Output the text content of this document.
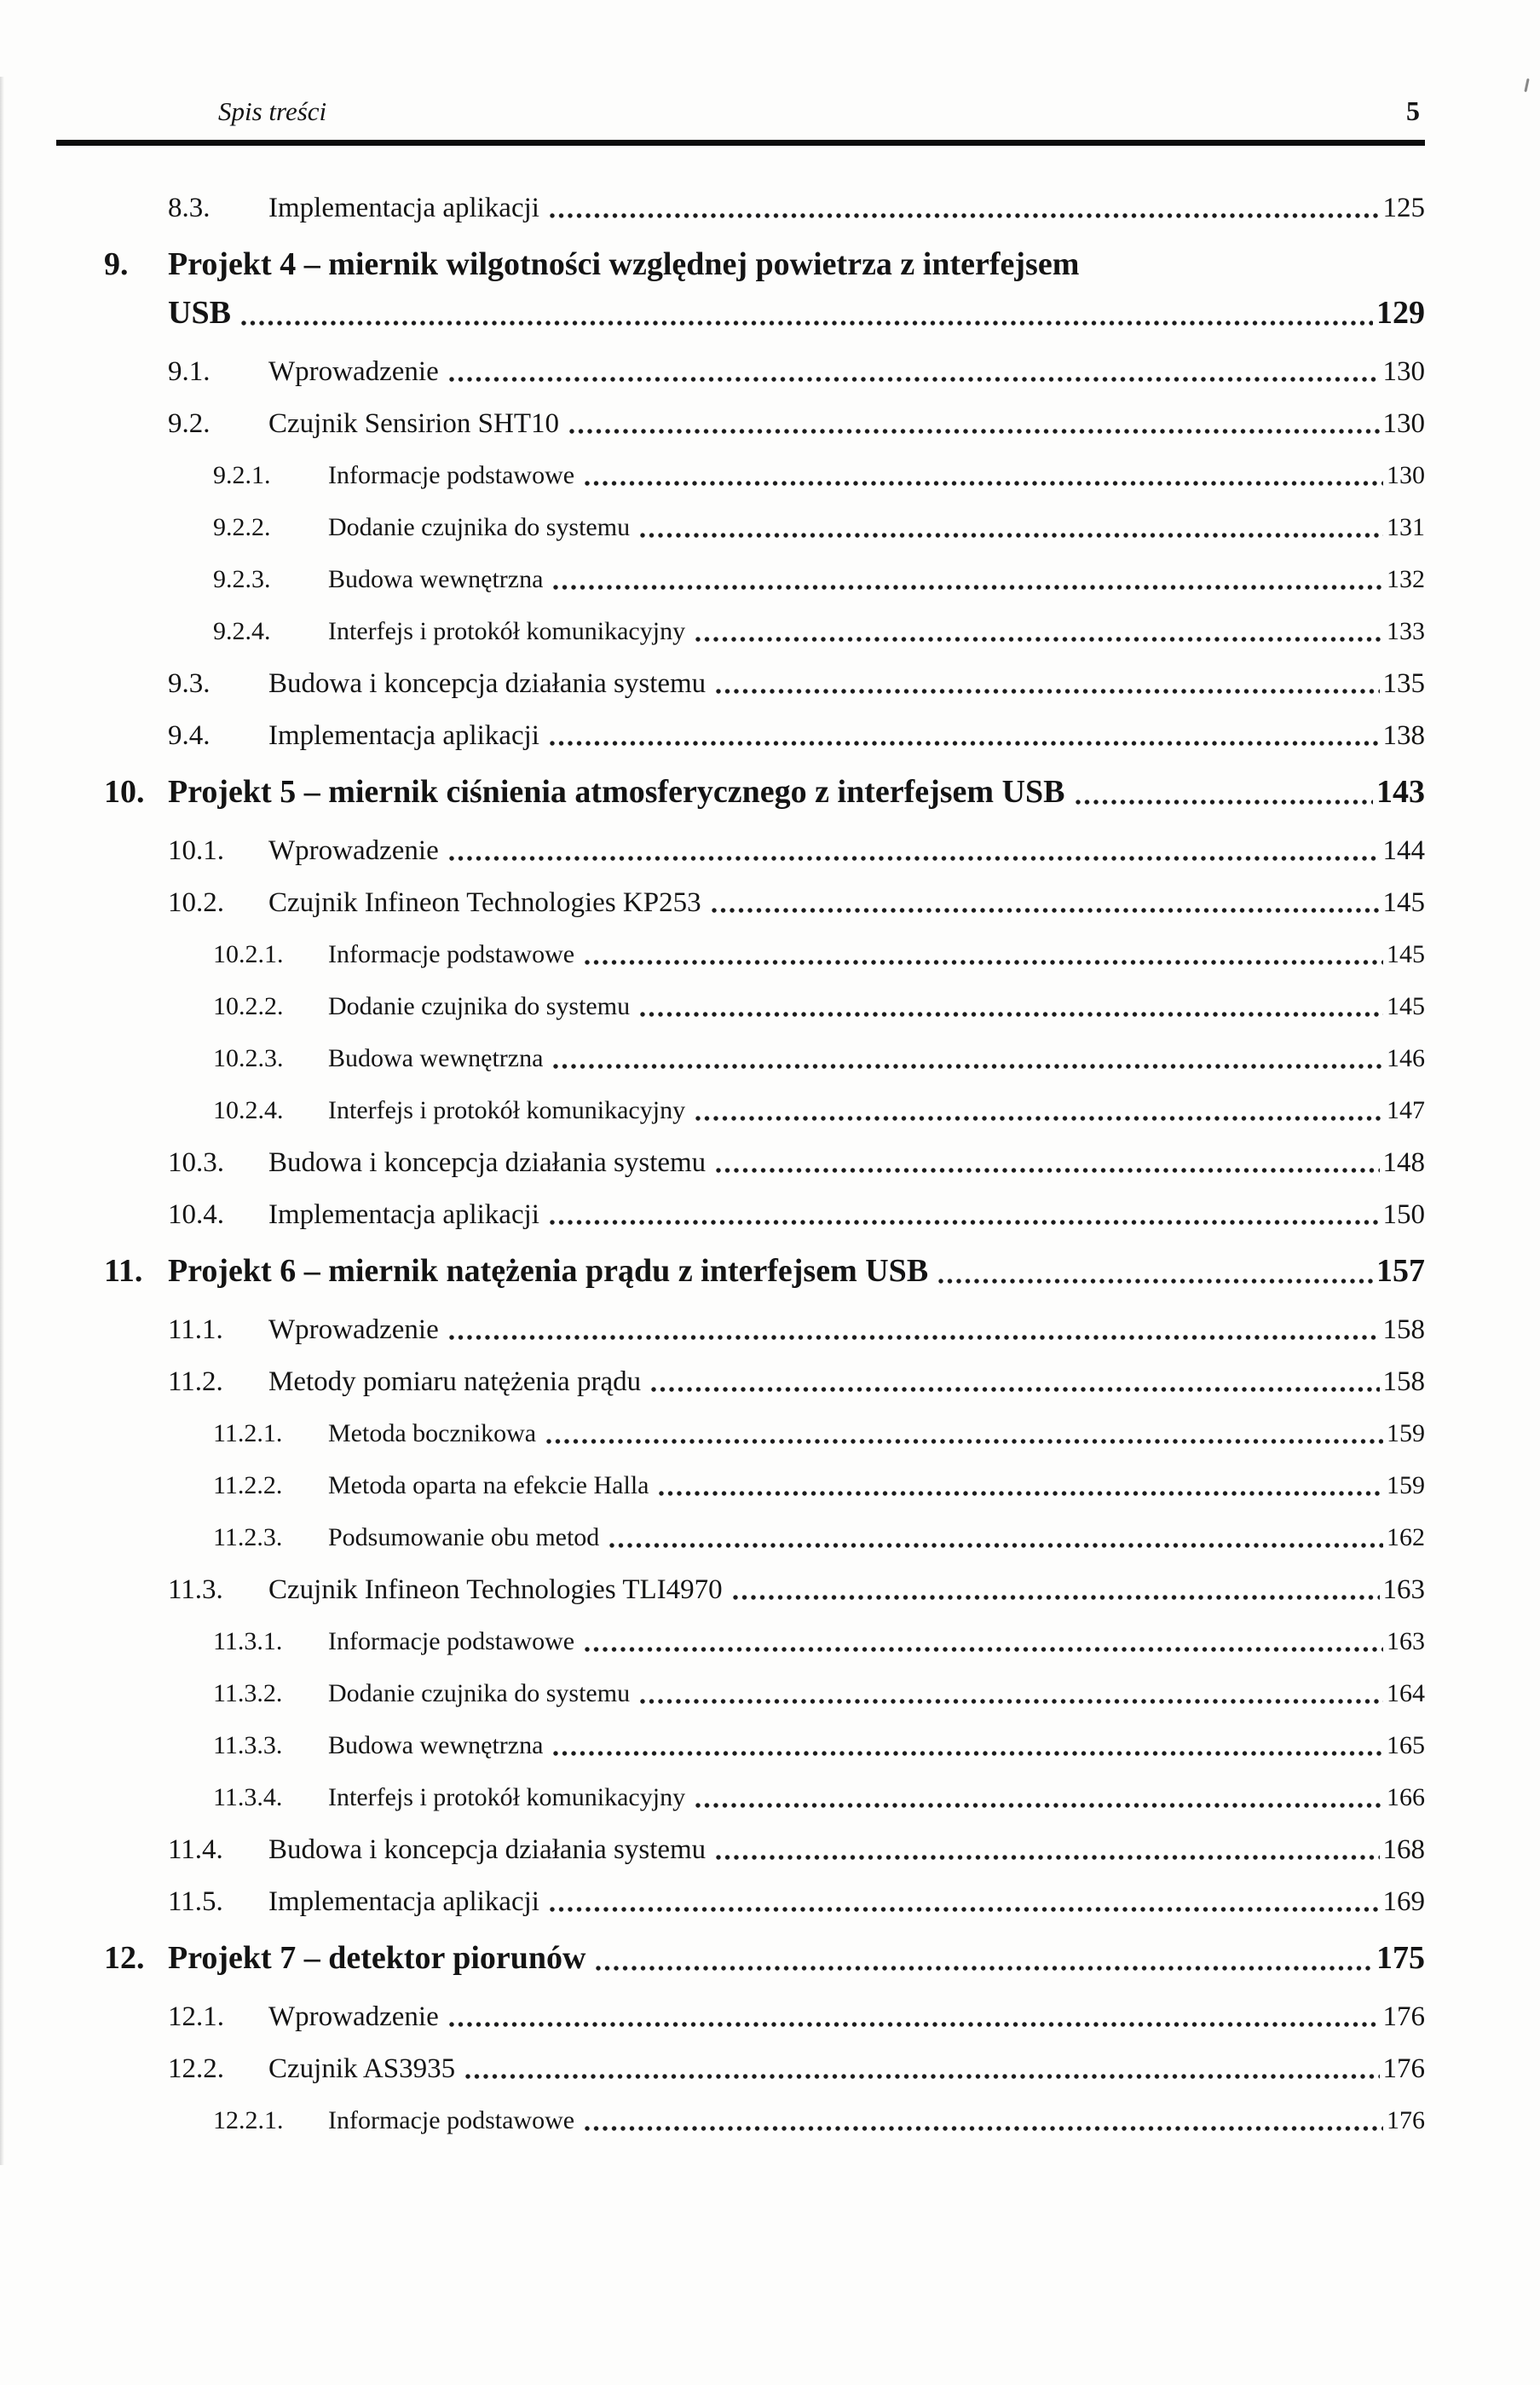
Spis treści	5
8.3.	Implementacja aplikacji	125
9.	Projekt 4 – miernik wilgotności względnej powietrza z interfejsem
USB	129
9.1.	Wprowadzenie	130
9.2.	Czujnik Sensirion SHT10	130
9.2.1.	Informacje podstawowe	130
9.2.2.	Dodanie czujnika do systemu	131
9.2.3.	Budowa wewnętrzna	132
9.2.4.	Interfejs i protokół komunikacyjny	133
9.3.	Budowa i koncepcja działania systemu	135
9.4.	Implementacja aplikacji	138
10. Projekt 5 – miernik ciśnienia atmosferycznego z interfejsem USB	143
10.1.	Wprowadzenie	144
10.2.	Czujnik Infineon Technologies KP253	145
10.2.1.	Informacje podstawowe	145
10.2.2.	Dodanie czujnika do systemu	145
10.2.3.	Budowa wewnętrzna	146
10.2.4.	Interfejs i protokół komunikacyjny	147
10.3.	Budowa i koncepcja działania systemu	148
10.4.	Implementacja aplikacji	150
11. Projekt 6 – miernik natężenia prądu z interfejsem USB	157
11.1.	Wprowadzenie	158
11.2.	Metody pomiaru natężenia prądu	158
11.2.1.	Metoda bocznikowa	159
11.2.2.	Metoda oparta na efekcie Halla	159
11.2.3.	Podsumowanie obu metod	162
11.3.	Czujnik Infineon Technologies TLI4970	163
11.3.1.	Informacje podstawowe	163
11.3.2.	Dodanie czujnika do systemu	164
11.3.3.	Budowa wewnętrzna	165
11.3.4.	Interfejs i protokół komunikacyjny	166
11.4.	Budowa i koncepcja działania systemu	168
11.5.	Implementacja aplikacji	169
12. Projekt 7 – detektor piorunów	175
12.1.	Wprowadzenie	176
12.2.	Czujnik AS3935	176
12.2.1.	Informacje podstawowe	176
